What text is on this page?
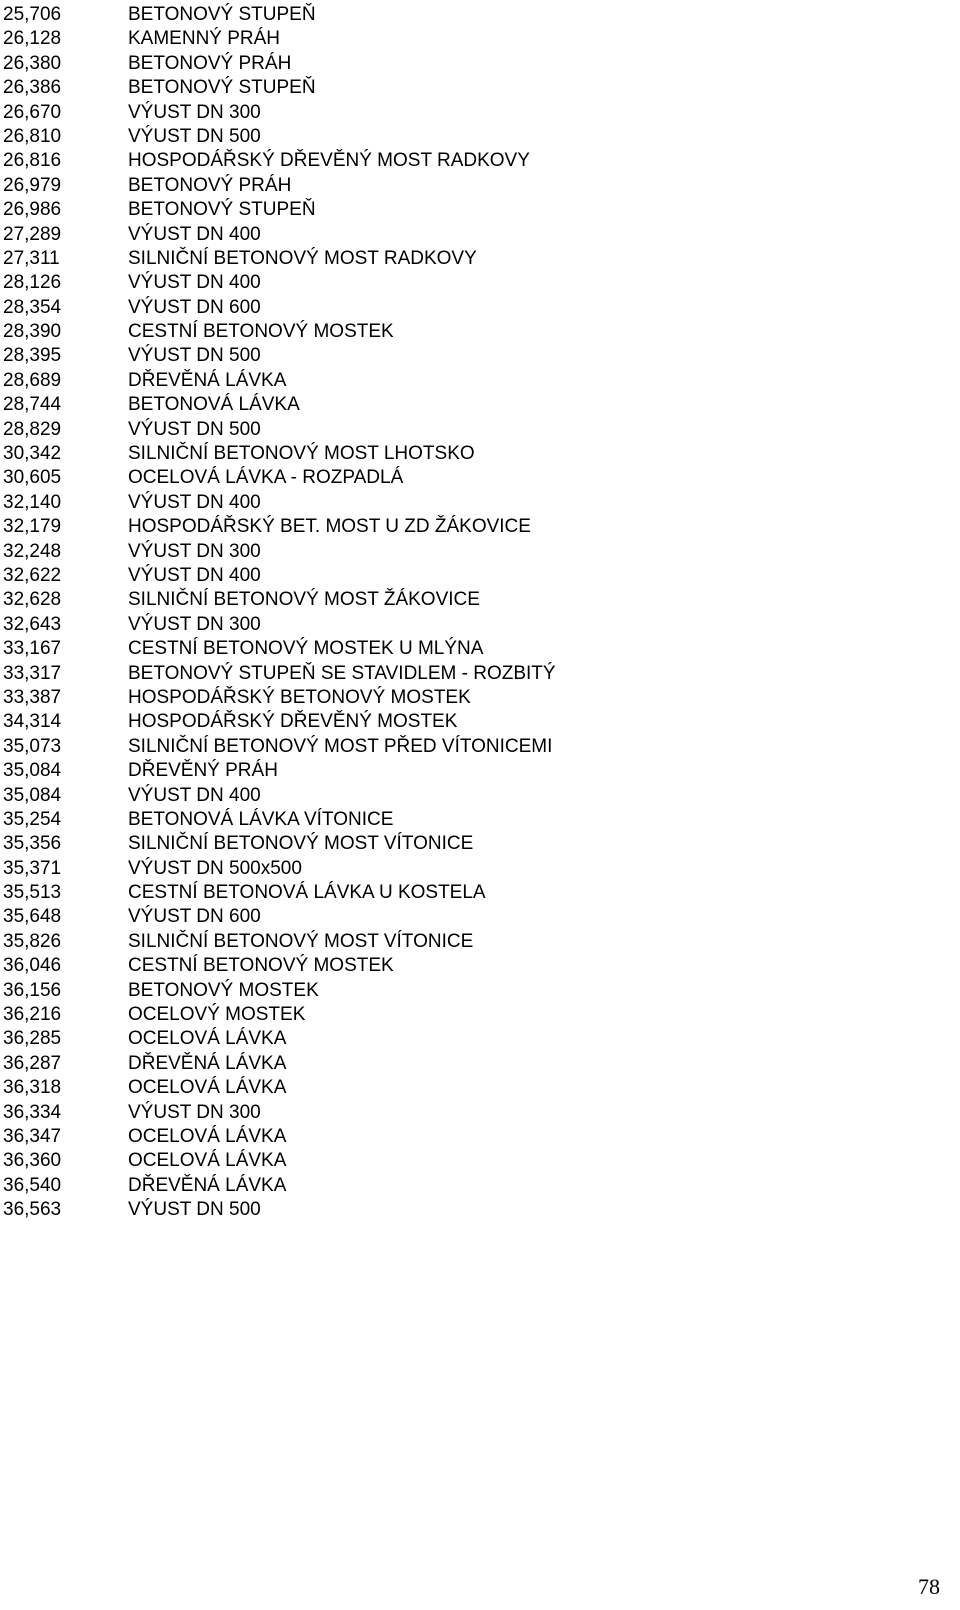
25,706	BETONOVÝ STUPEŇ
26,128	KAMENNÝ PRÁH
26,380	BETONOVÝ PRÁH
26,386	BETONOVÝ STUPEŇ
26,670	VÝUST DN 300
26,810	VÝUST DN 500
26,816	HOSPODÁŘSKÝ DŘEVĚNÝ MOST RADKOVY
26,979	BETONOVÝ PRÁH
26,986	BETONOVÝ STUPEŇ
27,289	VÝUST DN 400
27,311	SILNIČNÍ BETONOVÝ MOST RADKOVY
28,126	VÝUST DN 400
28,354	VÝUST DN 600
28,390	CESTNÍ BETONOVÝ MOSTEK
28,395	VÝUST DN 500
28,689	DŘEVĚNÁ LÁVKA
28,744	BETONOVÁ LÁVKA
28,829	VÝUST DN 500
30,342	SILNIČNÍ BETONOVÝ MOST LHOTSKO
30,605	OCELOVÁ LÁVKA - ROZPADLÁ
32,140	VÝUST DN 400
32,179	HOSPODÁŘSKÝ BET. MOST U ZD ŽÁKOVICE
32,248	VÝUST DN 300
32,622	VÝUST DN 400
32,628	SILNIČNÍ BETONOVÝ MOST ŽÁKOVICE
32,643	VÝUST DN 300
33,167	CESTNÍ BETONOVÝ MOSTEK U MLÝNA
33,317	BETONOVÝ STUPEŇ SE STAVIDLEM - ROZBITÝ
33,387	HOSPODÁŘSKÝ BETONOVÝ MOSTEK
34,314	HOSPODÁŘSKÝ DŘEVĚNÝ MOSTEK
35,073	SILNIČNÍ BETONOVÝ MOST PŘED VÍTONICEMI
35,084	DŘEVĚNÝ PRÁH
35,084	VÝUST DN 400
35,254	BETONOVÁ LÁVKA VÍTONICE
35,356	SILNIČNÍ BETONOVÝ MOST VÍTONICE
35,371	VÝUST DN 500x500
35,513	CESTNÍ BETONOVÁ LÁVKA U KOSTELA
35,648	VÝUST DN 600
35,826	SILNIČNÍ BETONOVÝ MOST VÍTONICE
36,046	CESTNÍ BETONOVÝ MOSTEK
36,156	BETONOVÝ MOSTEK
36,216	OCELOVÝ MOSTEK
36,285	OCELOVÁ LÁVKA
36,287	DŘEVĚNÁ LÁVKA
36,318	OCELOVÁ LÁVKA
36,334	VÝUST DN 300
36,347	OCELOVÁ LÁVKA
36,360	OCELOVÁ LÁVKA
36,540	DŘEVĚNÁ LÁVKA
36,563	VÝUST DN 500
78
